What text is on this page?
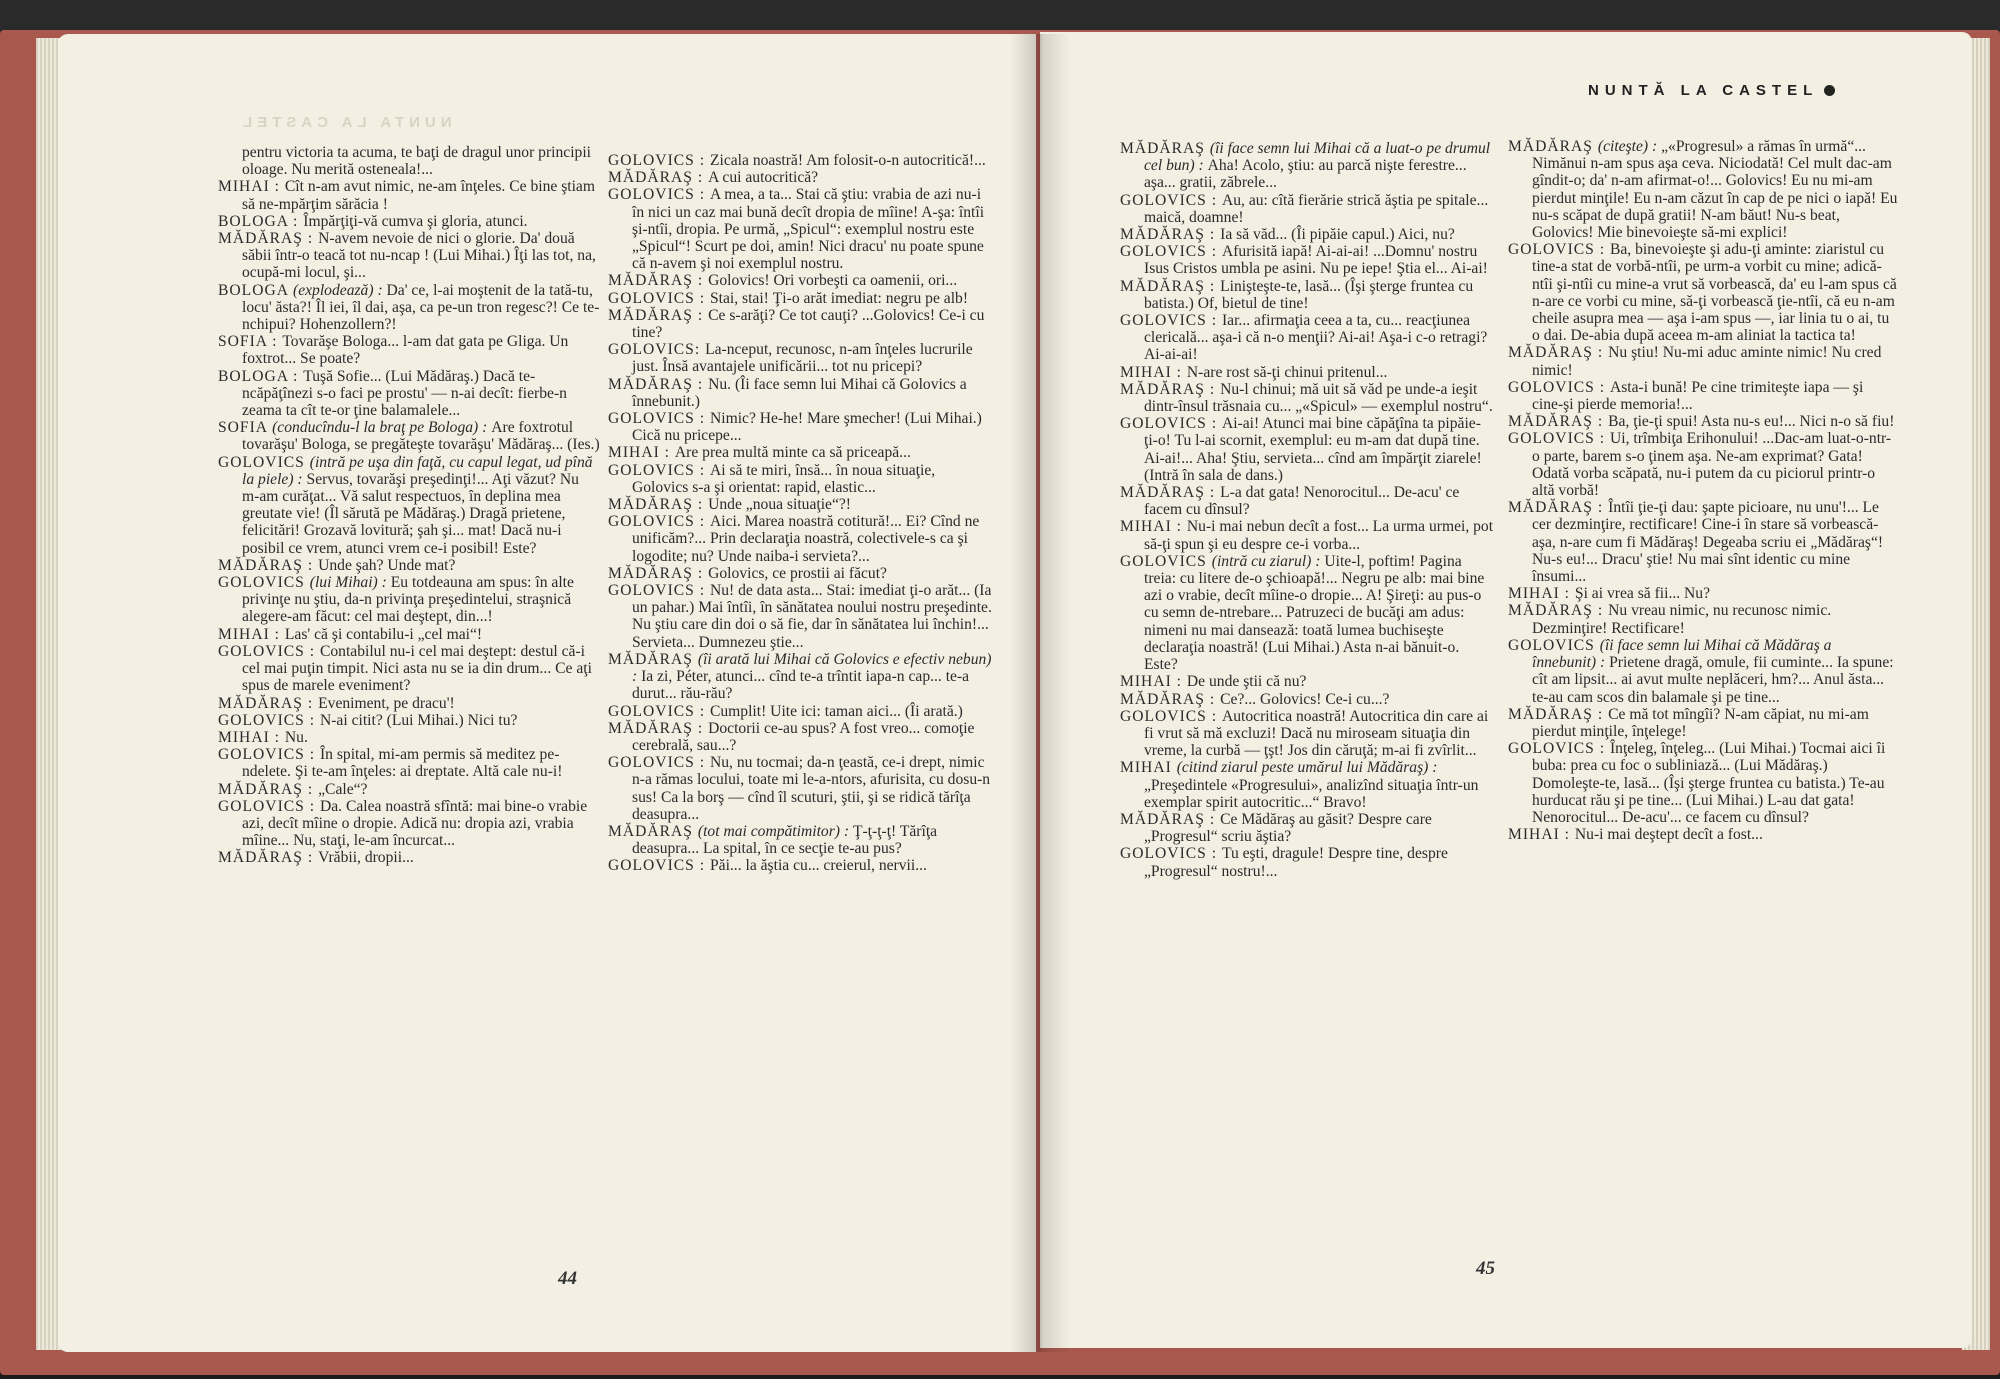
NUNTA LA CASTEL

pentru victoria ta acuma, te baţi de dragul unor principii oloage. Nu merită osteneala!...

MIHAI : Cît n-am avut nimic, ne-am înţeles. Ce bine ştiam să ne-mpărţim sărăcia !

BOLOGA : Împărţiţi-vă cumva şi gloria, atunci.

MĂDĂRAŞ : N-avem nevoie de nici o glorie. Da' două săbii într-o teacă tot nu-ncap ! (Lui Mihai.) Îţi las tot, na, ocupă-mi locul, şi...

BOLOGA (explodează) : Da' ce, l-ai moştenit de la tată-tu, locu' ăsta?! Îl iei, îl dai, aşa, ca pe-un tron regesc?! Ce te-nchipui? Hohenzollern?!

SOFIA : Tovarăşe Bologa... l-am dat gata pe Gliga. Un foxtrot... Se poate?

BOLOGA : Tuşă Sofie... (Lui Mădăraş.) Dacă te-ncăpăţînezi s-o faci pe prostu' — n-ai decît: fierbe-n zeama ta cît te-or ţine balamalele...

SOFIA (conducîndu-l la braţ pe Bologa) : Are foxtrotul tovarăşu' Bologa, se pregăteşte tovarăşu' Mădăraş... (Ies.)

GOLOVICS (intră pe uşa din faţă, cu capul legat, ud pînă la piele) : Servus, tovarăşi preşedinţi!... Aţi văzut? Nu m-am curăţat... Vă salut respectuos, în deplina mea greutate vie! (Îl sărută pe Mădăraş.) Dragă prietene, felicitări! Grozavă lovitură; şah şi... mat! Dacă nu-i posibil ce vrem, atunci vrem ce-i posibil! Este?

MĂDĂRAŞ : Unde şah? Unde mat?

GOLOVICS (lui Mihai) : Eu totdeauna am spus: în alte privinţe nu ştiu, da-n privinţa preşedintelui, straşnică alegere-am făcut: cel mai deştept, din...!

MIHAI : Las' că şi contabilu-i „cel mai“!

GOLOVICS : Contabilul nu-i cel mai deştept: destul că-i cel mai puţin timpit. Nici asta nu se ia din drum... Ce aţi spus de marele eveniment?

MĂDĂRAŞ : Eveniment, pe dracu'!

GOLOVICS : N-ai citit? (Lui Mihai.) Nici tu?

MIHAI : Nu.

GOLOVICS : În spital, mi-am permis să meditez pe-ndelete. Şi te-am înţeles: ai dreptate. Altă cale nu-i!

MĂDĂRAŞ : „Cale“?

GOLOVICS : Da. Calea noastră sfîntă: mai bine-o vrabie azi, decît mîine o dropie. Adică nu: dropia azi, vrabia mîine... Nu, staţi, le-am încurcat...

MĂDĂRAŞ : Vrăbii, dropii...

GOLOVICS : Zicala noastră! Am folosit-o-n autocritică!...

MĂDĂRAŞ : A cui autocritică?

GOLOVICS : A mea, a ta... Stai că ştiu: vrabia de azi nu-i în nici un caz mai bună decît dropia de mîine! A-şa: întîi şi-ntîi, dropia. Pe urmă, „Spicul“: exemplul nostru este „Spicul“! Scurt pe doi, amin! Nici dracu' nu poate spune că n-avem şi noi exemplul nostru.

MĂDĂRAŞ : Golovics! Ori vorbeşti ca oamenii, ori...

GOLOVICS : Stai, stai! Ţi-o arăt imediat: negru pe alb!

MĂDĂRAŞ : Ce s-arăţi? Ce tot cauţi? ...Golovics! Ce-i cu tine?

GOLOVICS: La-nceput, recunosc, n-am înţeles lucrurile just. Însă avantajele unificării... tot nu pricepi?

MĂDĂRAŞ : Nu. (Îi face semn lui Mihai că Golovics a înnebunit.)

GOLOVICS : Nimic? He-he! Mare şmecher! (Lui Mihai.) Cică nu pricepe...

MIHAI : Are prea multă minte ca să priceapă...

GOLOVICS : Ai să te miri, însă... în noua situaţie, Golovics s-a şi orientat: rapid, elastic...

MĂDĂRAŞ : Unde „noua situaţie“?!

GOLOVICS : Aici. Marea noastră cotitură!... Ei? Cînd ne unificăm?... Prin declaraţia noastră, colectivele-s ca şi logodite; nu? Unde naiba-i servieta?...

MĂDĂRAŞ : Golovics, ce prostii ai făcut?

GOLOVICS : Nu! de data asta... Stai: imediat ţi-o arăt... (Ia un pahar.) Mai întîi, în sănătatea noului nostru preşedinte. Nu ştiu care din doi o să fie, dar în sănătatea lui închin!... Servieta... Dumnezeu ştie...

MĂDĂRAŞ (îi arată lui Mihai că Golovics e efectiv nebun) : Ia zi, Péter, atunci... cînd te-a trîntit iapa-n cap... te-a durut... rău-rău?

GOLOVICS : Cumplit! Uite ici: taman aici... (Îi arată.)

MĂDĂRAŞ : Doctorii ce-au spus? A fost vreo... comoţie cerebrală, sau...?

GOLOVICS : Nu, nu tocmai; da-n ţeastă, ce-i drept, nimic n-a rămas locului, toate mi le-a-ntors, afurisita, cu dosu-n sus! Ca la borş — cînd îl scuturi, ştii, şi se ridică tărîţa deasupra...

MĂDĂRAŞ (tot mai compătimitor) : Ţ-ţ-ţ-ţ! Tărîţa deasupra... La spital, în ce secţie te-au pus?

GOLOVICS : Păi... la ăştia cu... creierul, nervii...

44

MĂDĂRAŞ (îi face semn lui Mihai că a luat-o pe drumul cel bun) : Aha! Acolo, ştiu: au parcă nişte ferestre... aşa... gratii, zăbrele...

GOLOVICS : Au, au: cîtă fierărie strică ăştia pe spitale... maică, doamne!

MĂDĂRAŞ : Ia să văd... (Îi pipăie capul.) Aici, nu?

GOLOVICS : Afurisită iapă! Ai-ai-ai! ...Domnu' nostru Isus Cristos umbla pe asini. Nu pe iepe! Ştia el... Ai-ai!

MĂDĂRAŞ : Linişteşte-te, lasă... (Îşi şterge fruntea cu batista.) Of, bietul de tine!

GOLOVICS : Iar... afirmaţia ceea a ta, cu... reacţiunea clericală... aşa-i că n-o menţii? Ai-ai! Aşa-i c-o retragi? Ai-ai-ai!

MIHAI : N-are rost să-ţi chinui pritenul...

MĂDĂRAŞ : Nu-l chinui; mă uit să văd pe unde-a ieşit dintr-însul trăsnaia cu... „«Spicul» — exemplul nostru“.

GOLOVICS : Ai-ai! Atunci mai bine căpăţîna ta pipăie-ţi-o! Tu l-ai scornit, exemplul: eu m-am dat după tine. Ai-ai!... Aha! Ştiu, servieta... cînd am împărţit ziarele! (Intră în sala de dans.)

MĂDĂRAŞ : L-a dat gata! Nenorocitul... De-acu' ce facem cu dînsul?

MIHAI : Nu-i mai nebun decît a fost... La urma urmei, pot să-ţi spun şi eu despre ce-i vorba...

GOLOVICS (intră cu ziarul) : Uite-l, poftim! Pagina treia: cu litere de-o şchioapă!... Negru pe alb: mai bine azi o vrabie, decît mîine-o dropie... A! Şireţi: au pus-o cu semn de-ntrebare... Patruzeci de bucăţi am adus: nimeni nu mai dansează: toată lumea buchiseşte declaraţia noastră! (Lui Mihai.) Asta n-ai bănuit-o. Este?

MIHAI : De unde ştii că nu?

MĂDĂRAŞ : Ce?... Golovics! Ce-i cu...?

GOLOVICS : Autocritica noastră! Autocritica din care ai fi vrut să mă excluzi! Dacă nu miroseam situaţia din vreme, la curbă — ţşt! Jos din căruţă; m-ai fi zvîrlit...

MIHAI (citind ziarul peste umărul lui Mădăraş) : „Preşedintele «Progresului», analizînd situaţia într-un exemplar spirit autocritic...“ Bravo!

MĂDĂRAŞ : Ce Mădăraş au găsit? Despre care „Progresul“ scriu ăştia?

GOLOVICS : Tu eşti, dragule! Despre tine, despre „Progresul“ nostru!...

MĂDĂRAŞ (citeşte) : „«Progresul» a rămas în urmă“... Nimănui n-am spus aşa ceva. Niciodată! Cel mult dac-am gîndit-o; da' n-am afirmat-o!... Golovics! Eu nu mi-am pierdut minţile! Eu n-am căzut în cap de pe nici o iapă! Eu nu-s scăpat de după gratii! N-am băut! Nu-s beat, Golovics! Mie binevoieşte să-mi explici!

GOLOVICS : Ba, binevoieşte şi adu-ţi aminte: ziaristul cu tine-a stat de vorbă-ntîi, pe urm-a vorbit cu mine; adică-ntîi şi-ntîi cu mine-a vrut să vorbească, da' eu l-am spus că n-are ce vorbi cu mine, să-ţi vorbească ţie-ntîi, că eu n-am cheile asupra mea — aşa i-am spus —, iar linia tu o ai, tu o dai. De-abia după aceea m-am aliniat la tactica ta!

MĂDĂRAŞ : Nu ştiu! Nu-mi aduc aminte nimic! Nu cred nimic!

GOLOVICS : Asta-i bună! Pe cine trimiteşte iapa — şi cine-şi pierde memoria!...

MĂDĂRAŞ : Ba, ţie-ţi spui! Asta nu-s eu!... Nici n-o să fiu!

GOLOVICS : Ui, trîmbiţa Erihonului! ...Dac-am luat-o-ntr-o parte, barem s-o ţinem aşa. Ne-am exprimat? Gata! Odată vorba scăpată, nu-i putem da cu piciorul printr-o altă vorbă!

MĂDĂRAŞ : Întîi ţie-ţi dau: şapte picioare, nu unu'!... Le cer dezminţire, rectificare! Cine-i în stare să vorbească-aşa, n-are cum fi Mădăraş! Degeaba scriu ei „Mădăraş“! Nu-s eu!... Dracu' ştie! Nu mai sînt identic cu mine însumi...

MIHAI : Şi ai vrea să fii... Nu?

MĂDĂRAŞ : Nu vreau nimic, nu recunosc nimic. Dezminţire! Rectificare!

GOLOVICS (îi face semn lui Mihai că Mădăraş a înnebunit) : Prietene dragă, omule, fii cuminte... Ia spune: cît am lipsit... ai avut multe neplăceri, hm?... Anul ăsta... te-au cam scos din balamale şi pe tine...

MĂDĂRAŞ : Ce mă tot mîngîi? N-am căpiat, nu mi-am pierdut minţile, înţelege!

GOLOVICS : Înţeleg, înţeleg... (Lui Mihai.) Tocmai aici îi buba: prea cu foc o subliniază... (Lui Mădăraş.) Domoleşte-te, lasă... (Îşi şterge fruntea cu batista.) Te-au hurducat rău şi pe tine... (Lui Mihai.) L-au dat gata! Nenorocitul... De-acu'... ce facem cu dînsul?

MIHAI : Nu-i mai deştept decît a fost...

45
NUNTĂ LA CASTEL
